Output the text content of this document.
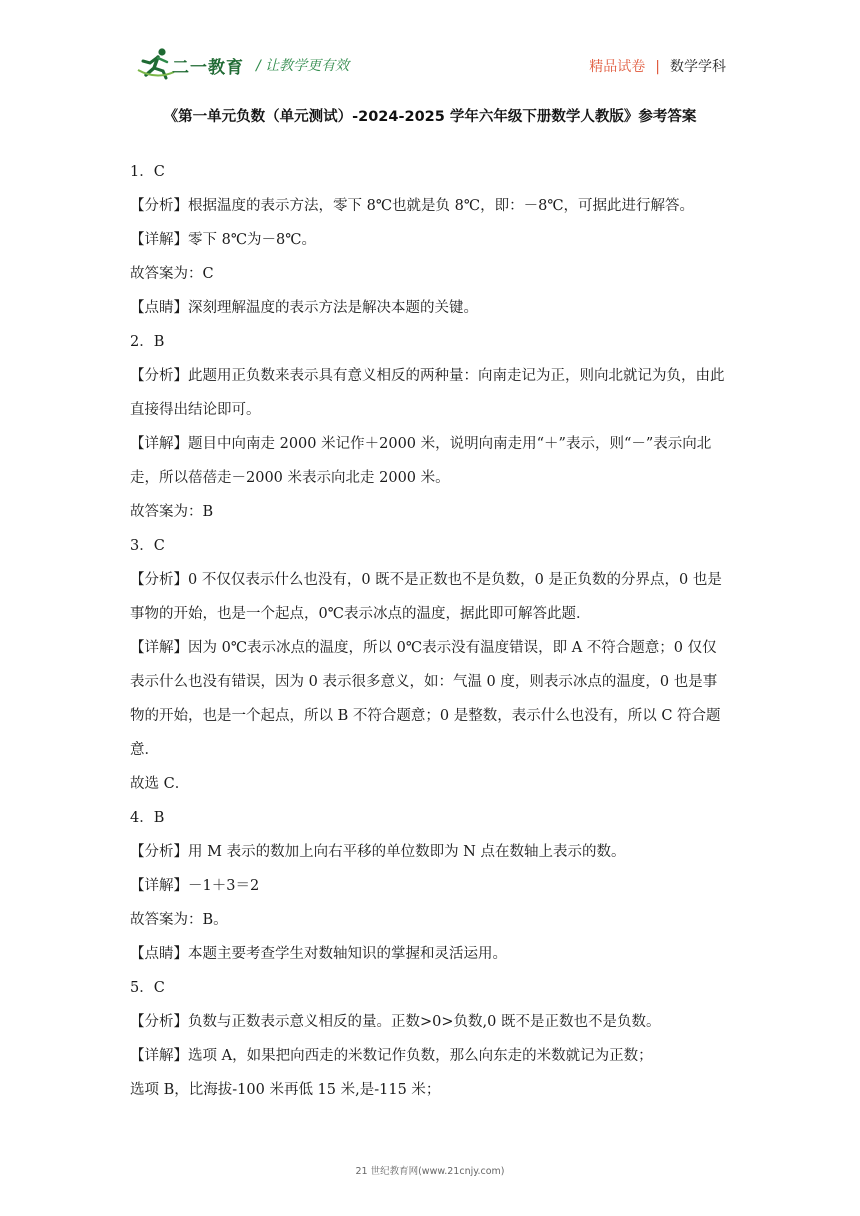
二一教育 / 让教学更有效	精品试卷 | 数学学科
《第一单元负数（单元测试）-2024-2025 学年六年级下册数学人教版》参考答案

1．C

【分析】根据温度的表示方法，零下 8℃也就是负 8℃，即：－8℃，可据此进行解答。

【详解】零下 8℃为－8℃。

故答案为：C

【点睛】深刻理解温度的表示方法是解决本题的关键。

2．B

【分析】此题用正负数来表示具有意义相反的两种量：向南走记为正，则向北就记为负，由此直接得出结论即可。

【详解】题目中向南走 2000 米记作＋2000 米，说明向南走用“＋”表示，则“－”表示向北走，所以蓓蓓走－2000 米表示向北走 2000 米。

故答案为：B

3．C

【分析】0 不仅仅表示什么也没有，0 既不是正数也不是负数，0 是正负数的分界点，0 也是事物的开始，也是一个起点，0℃表示冰点的温度，据此即可解答此题．

【详解】因为 0℃表示冰点的温度，所以 0℃表示没有温度错误，即 A 不符合题意；0 仅仅表示什么也没有错误，因为 0 表示很多意义，如：气温 0 度，则表示冰点的温度，0 也是事物的开始，也是一个起点，所以 B 不符合题意；0 是整数，表示什么也没有，所以 C 符合题意．

故选 C．

4．B

【分析】用 M 表示的数加上向右平移的单位数即为 N 点在数轴上表示的数。

【详解】－1＋3＝2

故答案为：B。

【点睛】本题主要考查学生对数轴知识的掌握和灵活运用。

5．C

【分析】负数与正数表示意义相反的量。正数>0>负数,0 既不是正数也不是负数。

【详解】选项 A，如果把向西走的米数记作负数，那么向东走的米数就记为正数；

选项 B，比海拔-100 米再低 15 米,是-115 米；

21 世纪教育网(www.21cnjy.com)
